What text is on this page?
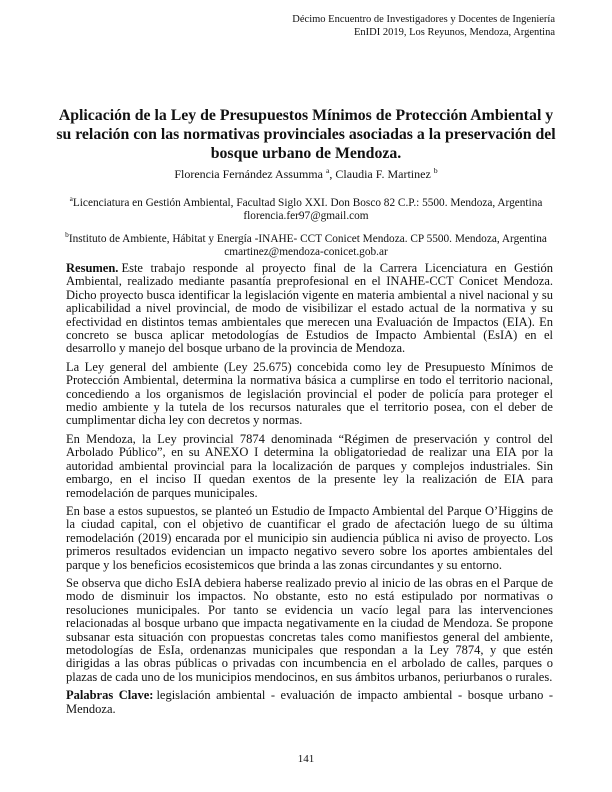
Décimo Encuentro de Investigadores y Docentes de Ingeniería
EnIDI 2019, Los Reyunos, Mendoza, Argentina
Aplicación de la Ley de Presupuestos Mínimos de Protección Ambiental y su relación con las normativas provinciales asociadas a la preservación del bosque urbano de Mendoza.
Florencia Fernández Assumma $^a$, Claudia F. Martinez $^b$
$^a$Licenciatura en Gestión Ambiental, Facultad Siglo XXI. Don Bosco 82 C.P.: 5500. Mendoza, Argentina
florencia.fer97@gmail.com
$^b$Instituto de Ambiente, Hábitat y Energía -INAHE- CCT Conicet Mendoza. CP 5500. Mendoza, Argentina
cmartinez@mendoza-conicet.gob.ar

Resumen. Este trabajo responde al proyecto final de la Carrera Licenciatura en Gestión Ambiental, realizado mediante pasantía preprofesional en el INAHE-CCT Conicet Mendoza. Dicho proyecto busca identificar la legislación vigente en materia ambiental a nivel nacional y su aplicabilidad a nivel provincial, de modo de visibilizar el estado actual de la normativa y su efectividad en distintos temas ambientales que merecen una Evaluación de Impactos (EIA). En concreto se busca aplicar metodologías de Estudios de Impacto Ambiental (EsIA) en el desarrollo y manejo del bosque urbano de la provincia de Mendoza.

La Ley general del ambiente (Ley 25.675) concebida como ley de Presupuesto Mínimos de Protección Ambiental, determina la normativa básica a cumplirse en todo el territorio nacional, concediendo a los organismos de legislación provincial el poder de policía para proteger el medio ambiente y la tutela de los recursos naturales que el territorio posea, con el deber de cumplimentar dicha ley con decretos y normas.

En Mendoza, la Ley provincial 7874 denominada “Régimen de preservación y control del Arbolado Público”, en su ANEXO I determina la obligatoriedad de realizar una EIA por la autoridad ambiental provincial para la localización de parques y complejos industriales. Sin embargo, en el inciso II quedan exentos de la presente ley la realización de EIA para remodelación de parques municipales.

En base a estos supuestos, se planteó un Estudio de Impacto Ambiental del Parque O’Higgins de la ciudad capital, con el objetivo de cuantificar el grado de afectación luego de su última remodelación (2019) encarada por el municipio sin audiencia pública ni aviso de proyecto. Los primeros resultados evidencian un impacto negativo severo sobre los aportes ambientales del parque y los beneficios ecosistemicos que brinda a las zonas circundantes y su entorno.

Se observa que dicho EsIA debiera haberse realizado previo al inicio de las obras en el Parque de modo de disminuir los impactos. No obstante, esto no está estipulado por normativas o resoluciones municipales. Por tanto se evidencia un vacío legal para las intervenciones relacionadas al bosque urbano que impacta negativamente en la ciudad de Mendoza. Se propone subsanar esta situación con propuestas concretas tales como manifiestos general del ambiente, metodologías de EsIa, ordenanzas municipales que respondan a la Ley 7874, y que estén dirigidas a las obras públicas o privadas con incumbencia en el arbolado de calles, parques o plazas de cada uno de los municipios mendocinos, en sus ámbitos urbanos, periurbanos o rurales.

Palabras Clave: legislación ambiental - evaluación de impacto ambiental - bosque urbano - Mendoza.

141
